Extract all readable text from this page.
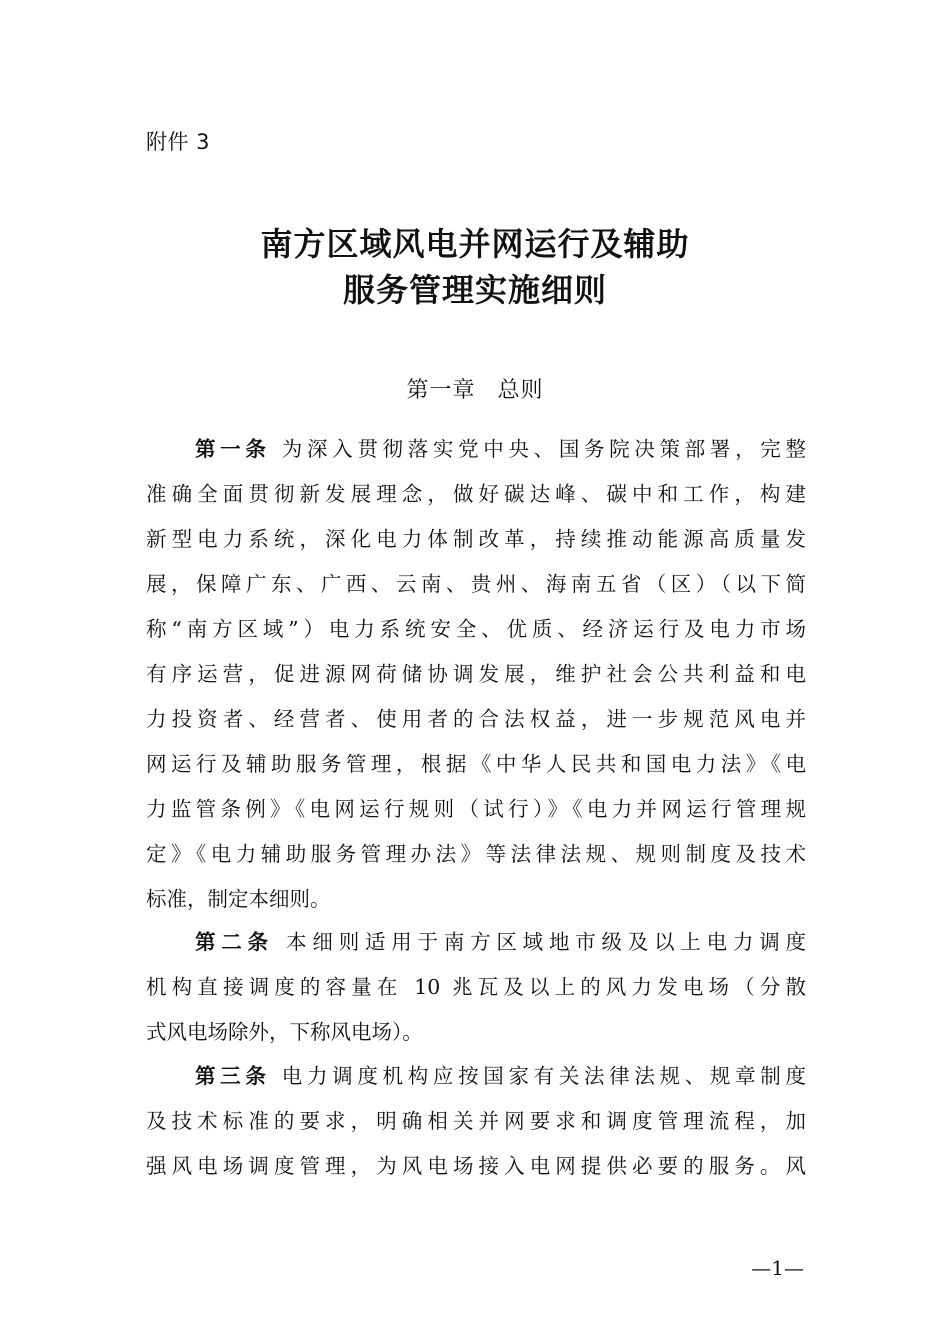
附件 3
南方区域风电并网运行及辅助
服务管理实施细则
第一章 总则
第一条 为深入贯彻落实党中央、国务院决策部署，完整
准确全面贯彻新发展理念，做好碳达峰、碳中和工作，构建
新型电力系统，深化电力体制改革，持续推动能源高质量发
展，保障广东、广西、云南、贵州、海南五省（区）（以下简
称“南方区域”）电力系统安全、优质、经济运行及电力市场
有序运营，促进源网荷储协调发展，维护社会公共利益和电
力投资者、经营者、使用者的合法权益，进一步规范风电并
网运行及辅助服务管理，根据《中华人民共和国电力法》《电
力监管条例》《电网运行规则（试行）》《电力并网运行管理规
定》《电力辅助服务管理办法》等法律法规、规则制度及技术
标准，制定本细则。
第二条 本细则适用于南方区域地市级及以上电力调度
机构直接调度的容量在 10 兆瓦及以上的风力发电场（分散
式风电场除外，下称风电场）。
第三条 电力调度机构应按国家有关法律法规、规章制度
及技术标准的要求，明确相关并网要求和调度管理流程，加
强风电场调度管理，为风电场接入电网提供必要的服务。风
—1—
